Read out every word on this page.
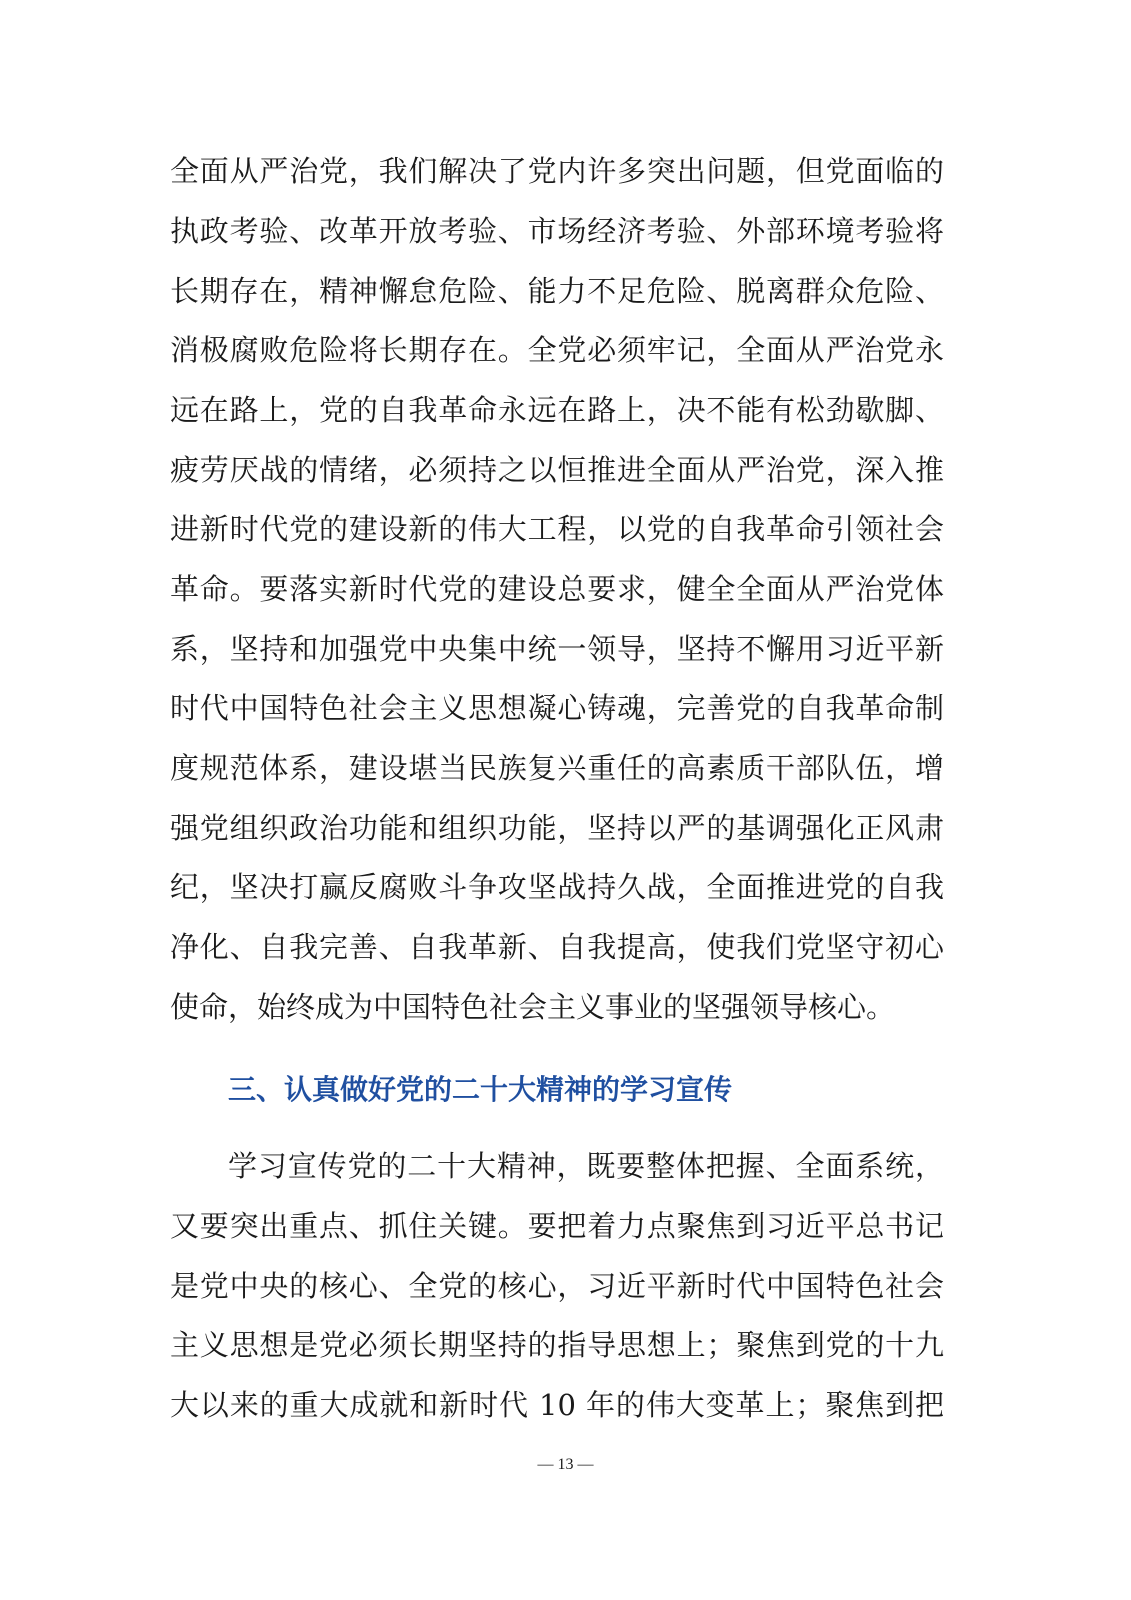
全面从严治党，我们解决了党内许多突出问题，但党面临的
执政考验、改革开放考验、市场经济考验、外部环境考验将
长期存在，精神懈怠危险、能力不足危险、脱离群众危险、
消极腐败危险将长期存在。全党必须牢记，全面从严治党永
远在路上，党的自我革命永远在路上，决不能有松劲歇脚、
疲劳厌战的情绪，必须持之以恒推进全面从严治党，深入推
进新时代党的建设新的伟大工程，以党的自我革命引领社会
革命。要落实新时代党的建设总要求，健全全面从严治党体
系，坚持和加强党中央集中统一领导，坚持不懈用习近平新
时代中国特色社会主义思想凝心铸魂，完善党的自我革命制
度规范体系，建设堪当民族复兴重任的高素质干部队伍，增
强党组织政治功能和组织功能，坚持以严的基调强化正风肃
纪，坚决打赢反腐败斗争攻坚战持久战，全面推进党的自我
净化、自我完善、自我革新、自我提高，使我们党坚守初心
使命，始终成为中国特色社会主义事业的坚强领导核心。
三、认真做好党的二十大精神的学习宣传
学习宣传党的二十大精神，既要整体把握、全面系统，
又要突出重点、抓住关键。要把着力点聚焦到习近平总书记
是党中央的核心、全党的核心，习近平新时代中国特色社会
主义思想是党必须长期坚持的指导思想上；聚焦到党的十九
大以来的重大成就和新时代 10 年的伟大变革上；聚焦到把
— 13 —
